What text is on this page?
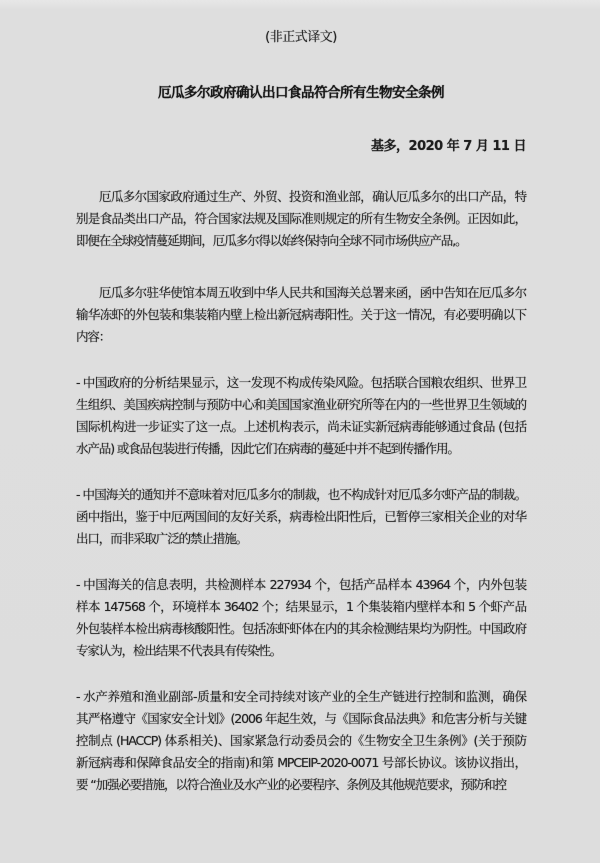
(非正式译文)
厄瓜多尔政府确认出口食品符合所有生物安全条例
基多，2020 年 7 月 11 日
厄瓜多尔国家政府通过生产、外贸、投资和渔业部，确认厄瓜多尔的出口产品，特
别是食品类出口产品，符合国家法规及国际准则规定的所有生物安全条例。正因如此，
即便在全球疫情蔓延期间，厄瓜多尔得以始终保持向全球不同市场供应产品,。
厄瓜多尔驻华使馆本周五收到中华人民共和国海关总署来函，函中告知在厄瓜多尔
输华冻虾的外包装和集装箱内壁上检出新冠病毒阳性。关于这一情况，有必要明确以下
内容：
- 中国政府的分析结果显示，这一发现不构成传染风险。包括联合国粮农组织、世界卫
生组织、美国疾病控制与预防中心和美国国家渔业研究所等在内的一些世界卫生领域的
国际机构进一步证实了这一点。上述机构表示，尚未证实新冠病毒能够通过食品 (包括
水产品) 或食品包装进行传播，因此它们在病毒的蔓延中并不起到传播作用。
- 中国海关的通知并不意味着对厄瓜多尔的制裁，也不构成针对厄瓜多尔虾产品的制裁。
函中指出，鉴于中厄两国间的友好关系，病毒检出阳性后，已暂停三家相关企业的对华
出口，而非采取广泛的禁止措施。
- 中国海关的信息表明，共检测样本 227934 个，包括产品样本 43964 个，内外包装
样本 147568 个，环境样本 36402 个；结果显示，1 个集装箱内壁样本和 5 个虾产品
外包装样本检出病毒核酸阳性。包括冻虾虾体在内的其余检测结果均为阴性。中国政府
专家认为，检出结果不代表具有传染性。
- 水产养殖和渔业副部-质量和安全司持续对该产业的全生产链进行控制和监测，确保
其严格遵守《国家安全计划》(2006 年起生效，与《国际食品法典》和危害分析与关键
控制点 (HACCP) 体系相关)、国家紧急行动委员会的《生物安全卫生条例》(关于预防
新冠病毒和保障食品安全的指南)和第 MPCEIP-2020-0071 号部长协议。该协议指出，
要 “加强必要措施，以符合渔业及水产业的必要程序、条例及其他规范要求，预防和控
